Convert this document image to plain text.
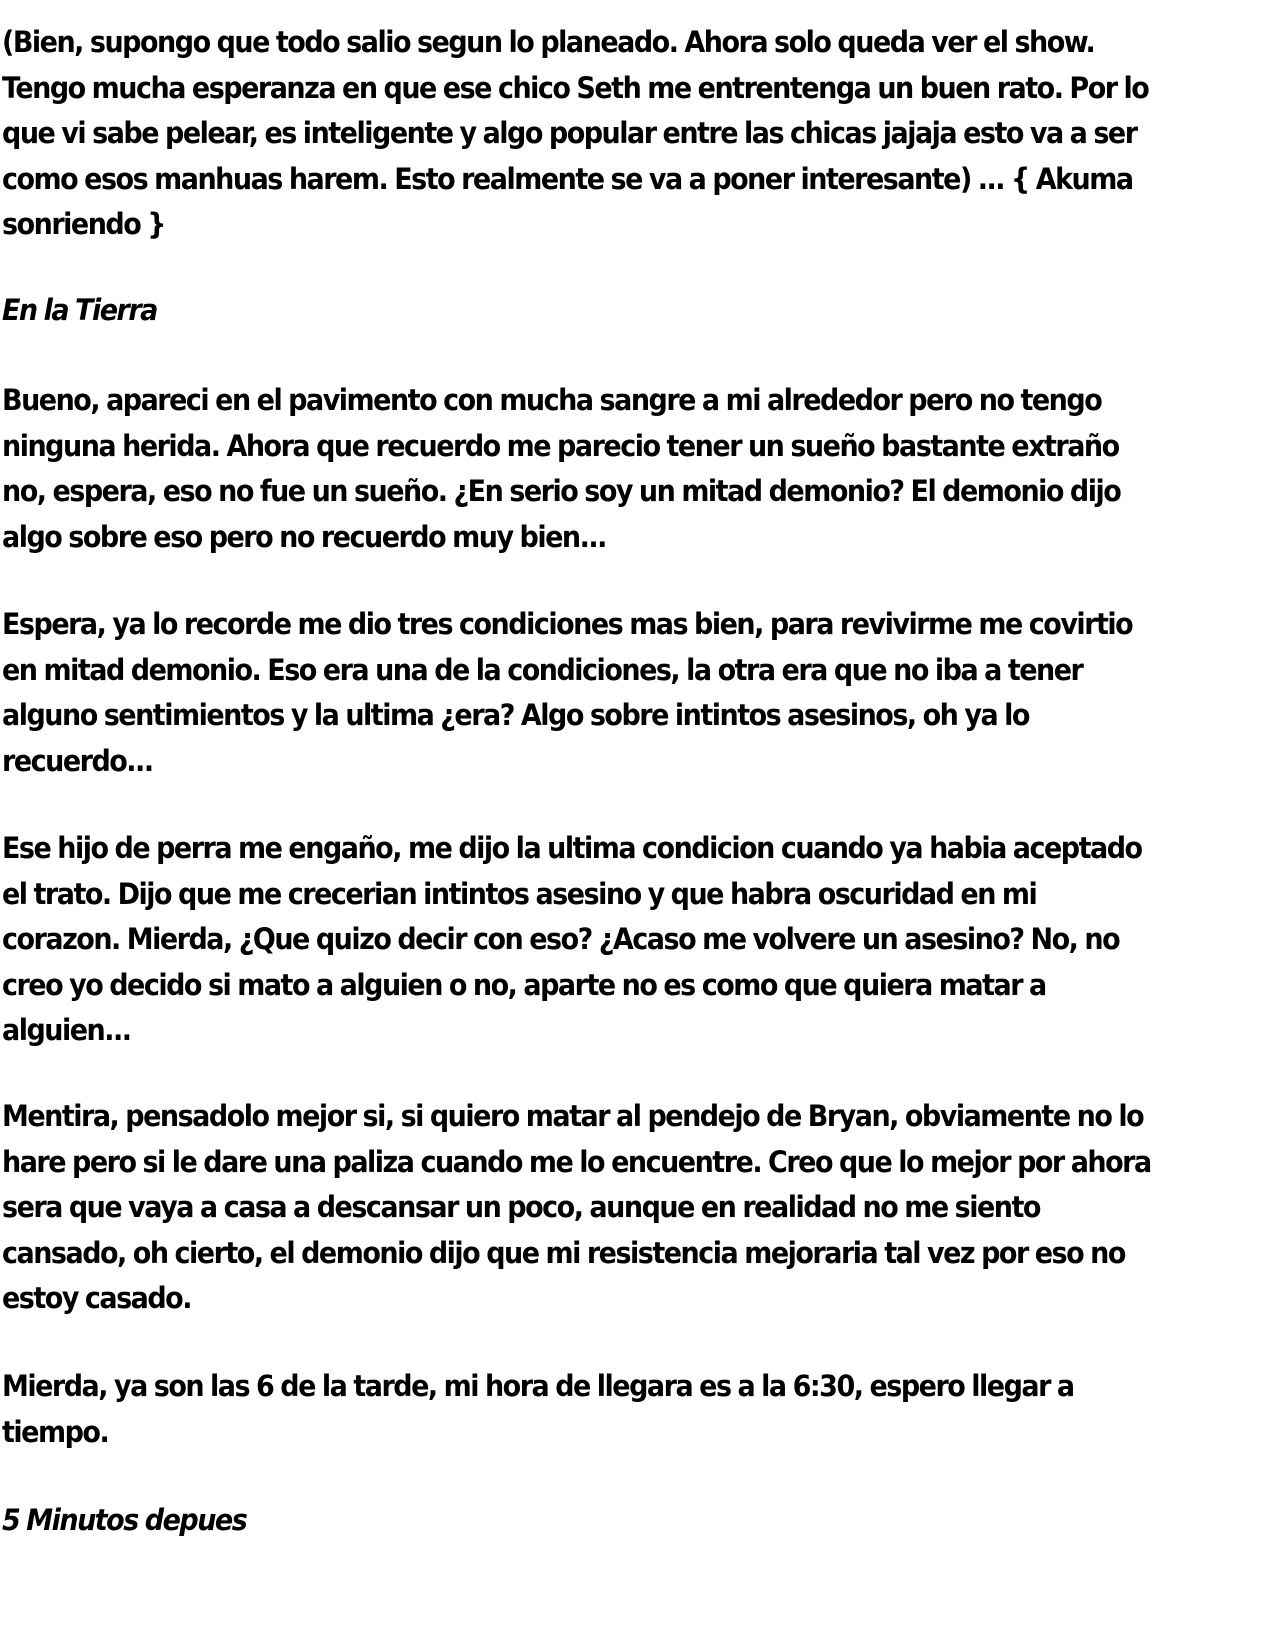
(Bien, supongo que todo salio segun lo planeado. Ahora solo queda ver el show. Tengo mucha esperanza en que ese chico Seth me entrentenga un buen rato. Por lo que vi sabe pelear, es inteligente y algo popular entre las chicas jajaja esto va a ser como esos manhuas harem. Esto realmente se va a poner interesante) ... { Akuma sonriendo }

En la Tierra

Bueno, apareci en el pavimento con mucha sangre a mi alrededor pero no tengo ninguna herida. Ahora que recuerdo me parecio tener un sueño bastante extraño no, espera, eso no fue un sueño. ¿En serio soy un mitad demonio? El demonio dijo algo sobre eso pero no recuerdo muy bien...

Espera, ya lo recorde me dio tres condiciones mas bien, para revivirme me covirtio en mitad demonio. Eso era una de la condiciones, la otra era que no iba a tener alguno sentimientos y la ultima ¿era? Algo sobre intintos asesinos, oh ya lo recuerdo...

Ese hijo de perra me engaño, me dijo la ultima condicion cuando ya habia aceptado el trato. Dijo que me crecerian intintos asesino y que habra oscuridad en mi corazon. Mierda, ¿Que quizo decir con eso? ¿Acaso me volvere un asesino? No, no creo yo decido si mato a alguien o no, aparte no es como que quiera matar a alguien...

Mentira, pensadolo mejor si, si quiero matar al pendejo de Bryan, obviamente no lo hare pero si le dare una paliza cuando me lo encuentre. Creo que lo mejor por ahora sera que vaya a casa a descansar un poco, aunque en realidad no me siento cansado, oh cierto, el demonio dijo que mi resistencia mejoraria tal vez por eso no estoy casado.

Mierda, ya son las 6 de la tarde, mi hora de llegara es a la 6:30, espero llegar a tiempo.

5 Minutos depues
